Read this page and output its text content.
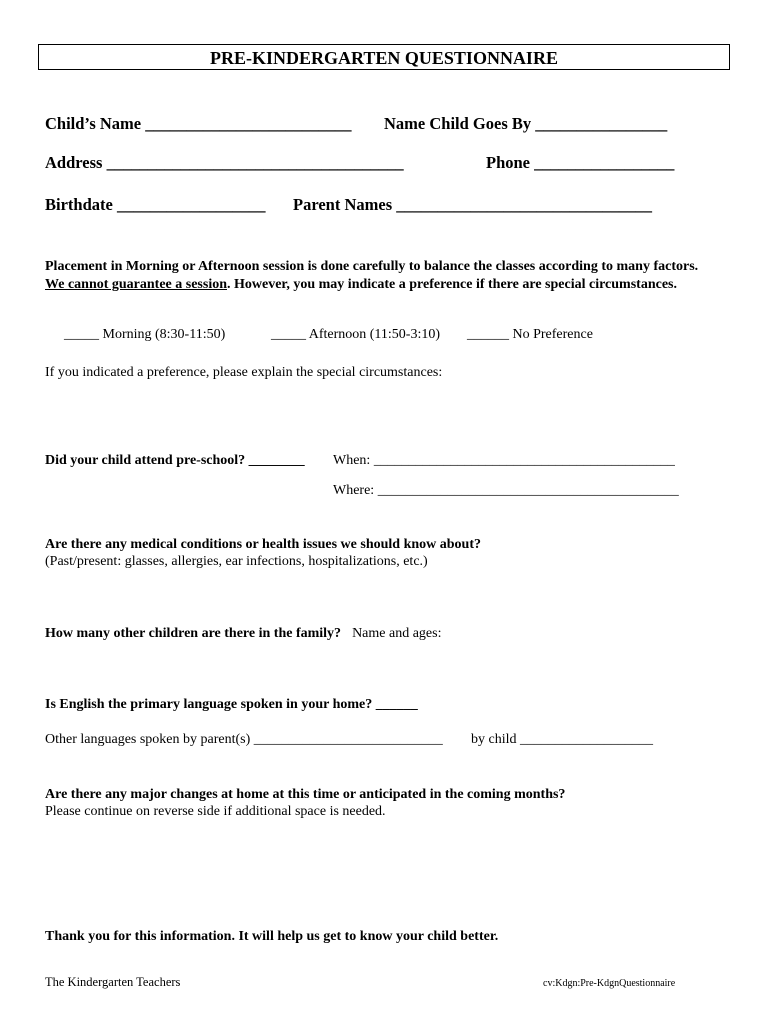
PRE-KINDERGARTEN QUESTIONNAIRE
Child’s Name _________________________ Name Child Goes By ________________
Address ____________________________________	Phone _________________
Birthdate __________________ Parent Names _______________________________
Placement in Morning or Afternoon session is done carefully to balance the classes according to many factors. We cannot guarantee a session. However, you may indicate a preference if there are special circumstances.
_____ Morning (8:30-11:50)	_____ Afternoon (11:50-3:10) ______ No Preference
If you indicated a preference, please explain the special circumstances:
Did your child attend pre-school? ________ When: ___________________________________________
Where: ___________________________________________
Are there any medical conditions or health issues we should know about?
(Past/present: glasses, allergies, ear infections, hospitalizations, etc.)
How many other children are there in the family? Name and ages:
Is English the primary language spoken in your home? ______
Other languages spoken by parent(s) ___________________________ by child ___________________
Are there any major changes at home at this time or anticipated in the coming months?
Please continue on reverse side if additional space is needed.
Thank you for this information. It will help us get to know your child better.
The Kindergarten Teachers	cv:Kdgn:Pre-KdgnQuestionnaire
